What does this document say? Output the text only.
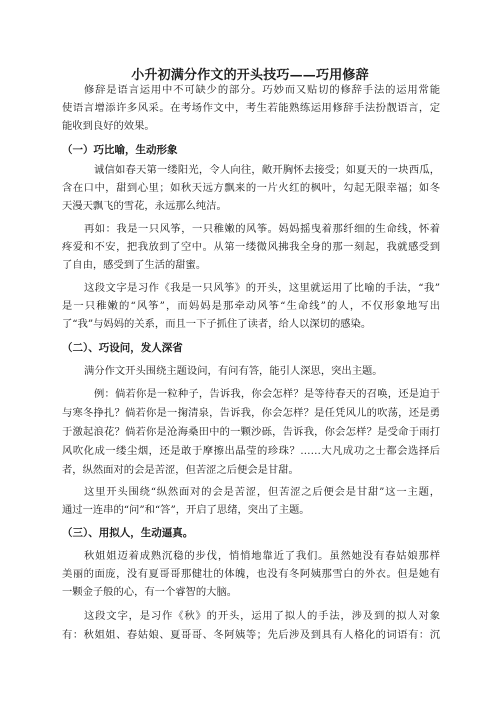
小升初满分作文的开头技巧——巧用修辞
修辞是语言运用中不可缺少的部分。巧妙而又贴切的修辞手法的运用常能
使语言增添许多风采。在考场作文中，考生若能熟练运用修辞手法扮靓语言，定
能收到良好的效果。
（一）巧比喻，生动形象
诚信如春天第一缕阳光，令人向往，敞开胸怀去接受；如夏天的一块西瓜，
含在口中，甜到心里；如秋天远方飘来的一片火红的枫叶，勾起无限幸福；如冬
天漫天飘飞的雪花，永远那么纯洁。
再如：我是一只风筝，一只稚嫩的风筝。妈妈摇曳着那纤细的生命线，怀着
疼爱和不安，把我放到了空中。从第一缕微风拂我全身的那一刻起，我就感受到
了自由，感受到了生活的甜蜜。
这段文字是习作《我是一只风筝》的开头，这里就运用了比喻的手法，“我”
是一只稚嫩的“风筝”，而妈妈是那牵动风筝“生命线”的人，不仅形象地写出
了“我”与妈妈的关系，而且一下子抓住了读者，给人以深切的感染。
（二）、巧设问，发人深省
满分作文开头围绕主题设问，有问有答，能引人深思，突出主题。
例：倘若你是一粒种子，告诉我，你会怎样？是等待春天的召唤，还是迫于
与寒冬挣扎？倘若你是一掬清泉，告诉我，你会怎样？是任凭风儿的吹荡，还是勇
于激起浪花？倘若你是沧海桑田中的一颗沙砾，告诉我，你会怎样？是受命于雨打
风吹化成一缕尘烟，还是敢于摩擦出晶莹的珍珠？……大凡成功之士都会选择后
者，纵然面对的会是苦涩，但苦涩之后便会是甘甜。
这里开头围绕“纵然面对的会是苦涩，但苦涩之后便会是甘甜”这一主题，
通过一连串的“问”和“答”，开启了思绪，突出了主题。
（三）、用拟人，生动逼真。
秋姐姐迈着成熟沉稳的步伐，悄悄地靠近了我们。虽然她没有春姑娘那样
美丽的面庞，没有夏哥哥那健壮的体魄，也没有冬阿姨那雪白的外衣。但是她有
一颗金子般的心，有一个睿智的大脑。
这段文字，是习作《秋》的开头，运用了拟人的手法，涉及到的拟人对象
有：秋姐姐、春姑娘、夏哥哥、冬阿姨等；先后涉及到具有人格化的词语有：沉
